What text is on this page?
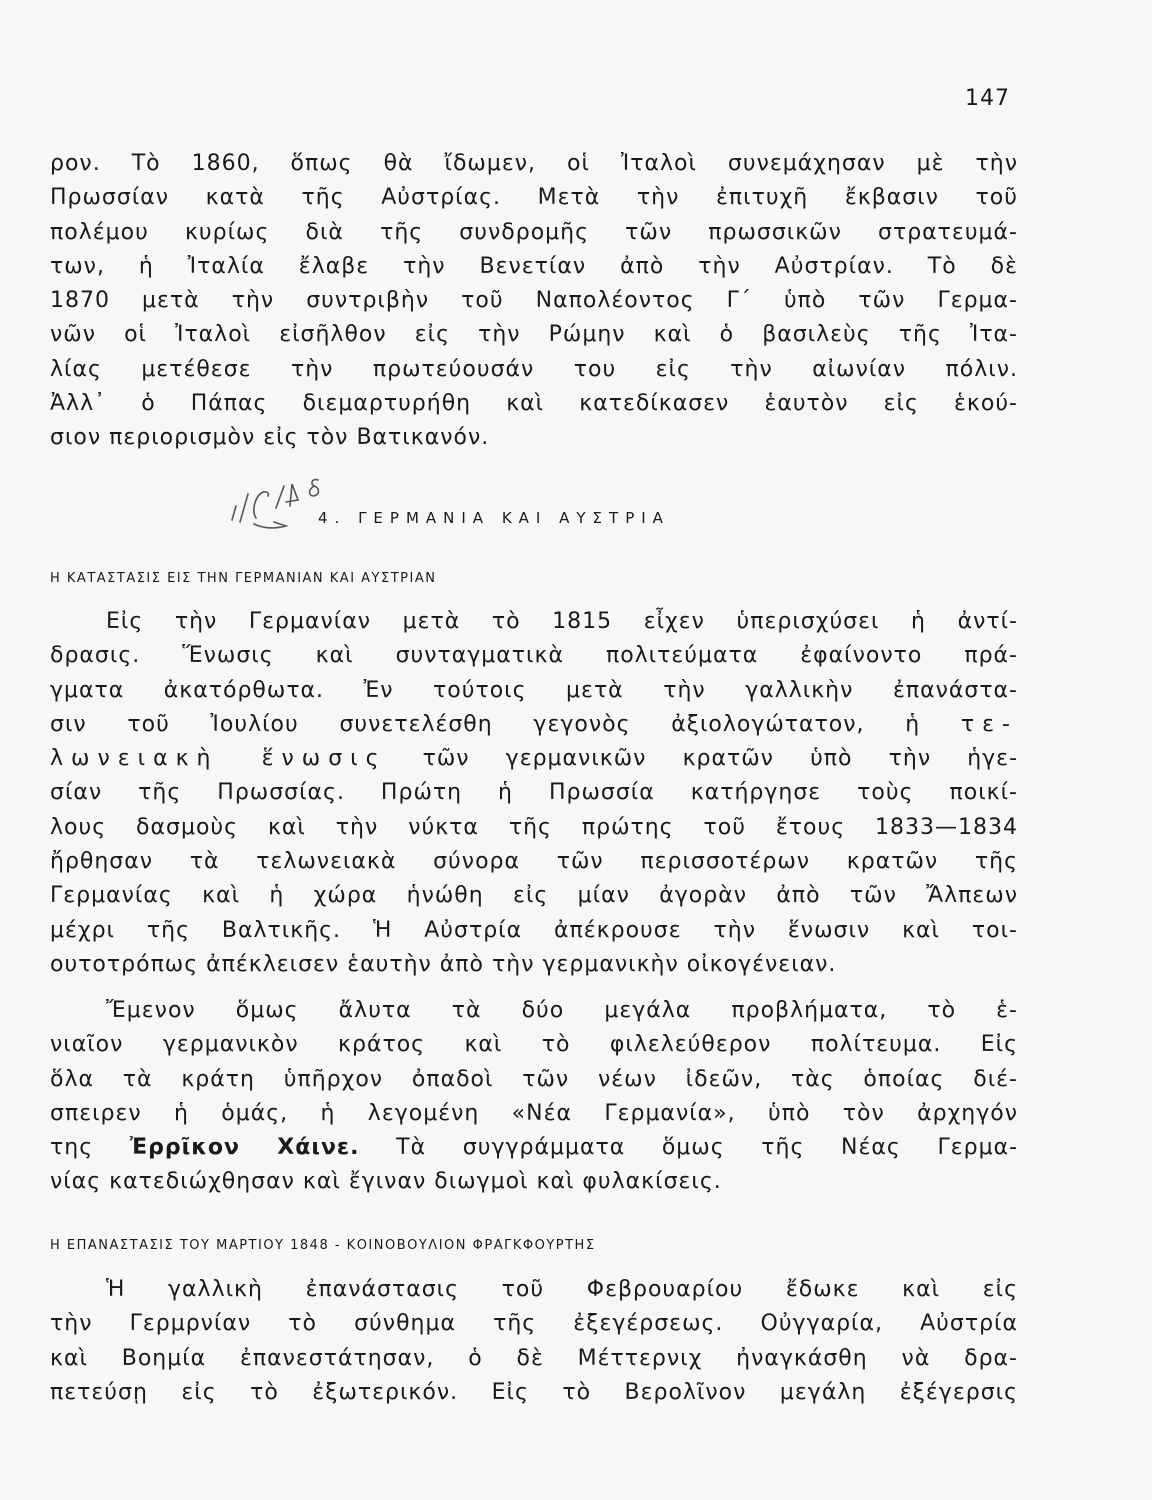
147

ρον. Τὸ 1860, ὅπως θὰ ἴδωμεν, οἱ Ἰταλοὶ συνεμάχησαν μὲ τὴν
Πρωσσίαν κατὰ τῆς Αὐστρίας. Μετὰ τὴν ἐπιτυχῆ ἔκβασιν τοῦ
πολέμου κυρίως διὰ τῆς συνδρομῆς τῶν πρωσσικῶν στρατευμά-
των, ἡ Ἰταλία ἔλαβε τὴν Βενετίαν ἀπὸ τὴν Αὐστρίαν. Τὸ δὲ
1870 μετὰ τὴν συντριβὴν τοῦ Ναπολέοντος Γ΄ ὑπὸ τῶν Γερμα-
νῶν οἱ Ἰταλοὶ εἰσῆλθον εἰς τὴν Ρώμην καὶ ὁ βασιλεὺς τῆς Ἰτα-
λίας μετέθεσε τὴν πρωτεύουσάν του εἰς τὴν αἰωνίαν πόλιν.
Ἀλλ᾽ ὁ Πάπας διεμαρτυρήθη καὶ κατεδίκασεν ἑαυτὸν εἰς ἑκού-
σιον περιορισμὸν εἰς τὸν Βατικανόν.

16/1/48
4. ΓΕΡΜΑΝΙΑ ΚΑΙ ΑΥΣΤΡΙΑ
Η ΚΑΤΑΣΤΑΣΙΣ ΕΙΣ ΤΗΝ ΓΕΡΜΑΝΙΑΝ ΚΑΙ ΑΥΣΤΡΙΑΝ

Εἰς τὴν Γερμανίαν μετὰ τὸ 1815 εἶχεν ὑπερισχύσει ἡ ἀντί-
δρασις. Ἕνωσις καὶ συνταγματικὰ πολιτεύματα ἐφαίνοντο πρά-
γματα ἀκατόρθωτα. Ἐν τούτοις μετὰ τὴν γαλλικὴν ἐπανάστα-
σιν τοῦ Ἰουλίου συνετελέσθη γεγονὸς ἀξιολογώτατον, ἡ τε-
λωνειακὴ ἕνωσις τῶν γερμανικῶν κρατῶν ὑπὸ τὴν ἡγε-
σίαν τῆς Πρωσσίας. Πρώτη ἡ Πρωσσία κατήργησε τοὺς ποικί-
λους δασμοὺς καὶ τὴν νύκτα τῆς πρώτης τοῦ ἔτους 1833—1834
ἤρθησαν τὰ τελωνειακὰ σύνορα τῶν περισσοτέρων κρατῶν τῆς
Γερμανίας καὶ ἡ χώρα ἡνώθη εἰς μίαν ἀγορὰν ἀπὸ τῶν Ἄλπεων
μέχρι τῆς Βαλτικῆς. Ἡ Αὐστρία ἀπέκρουσε τὴν ἕνωσιν καὶ τοι-
ουτοτρόπως ἀπέκλεισεν ἑαυτὴν ἀπὸ τὴν γερμανικὴν οἰκογένειαν.

Ἔμενον ὅμως ἄλυτα τὰ δύο μεγάλα προβλήματα, τὸ ἑ-
νιαῖον γερμανικὸν κράτος καὶ τὸ φιλελεύθερον πολίτευμα. Εἰς
ὅλα τὰ κράτη ὑπῆρχον ὀπαδοὶ τῶν νέων ἰδεῶν, τὰς ὁποίας διέ-
σπειρεν ἡ ὁμάς, ἡ λεγομένη «Νέα Γερμανία», ὑπὸ τὸν ἀρχηγόν
της Ἐρρῖκον Χάινε. Τὰ συγγράμματα ὅμως τῆς Νέας Γερμα-
νίας κατεδιώχθησαν καὶ ἔγιναν διωγμοὶ καὶ φυλακίσεις.

Η ΕΠΑΝΑΣΤΑΣΙΣ ΤΟΥ ΜΑΡΤΙΟΥ 1848 - ΚΟΙΝΟΒΟΥΛΙΟΝ ΦΡΑΓΚΦΟΥΡΤΗΣ

Ἡ γαλλικὴ ἐπανάστασις τοῦ Φεβρουαρίου ἔδωκε καὶ εἰς
τὴν Γερμρνίαν τὸ σύνθημα τῆς ἐξεγέρσεως. Οὐγγαρία, Αὐστρία
καὶ Βοημία ἐπανεστάτησαν, ὁ δὲ Μέττερνιχ ἠναγκάσθη νὰ δρα-
πετεύσῃ εἰς τὸ ἐξωτερικόν. Εἰς τὸ Βερολῖνον μεγάλη ἐξέγερσις
